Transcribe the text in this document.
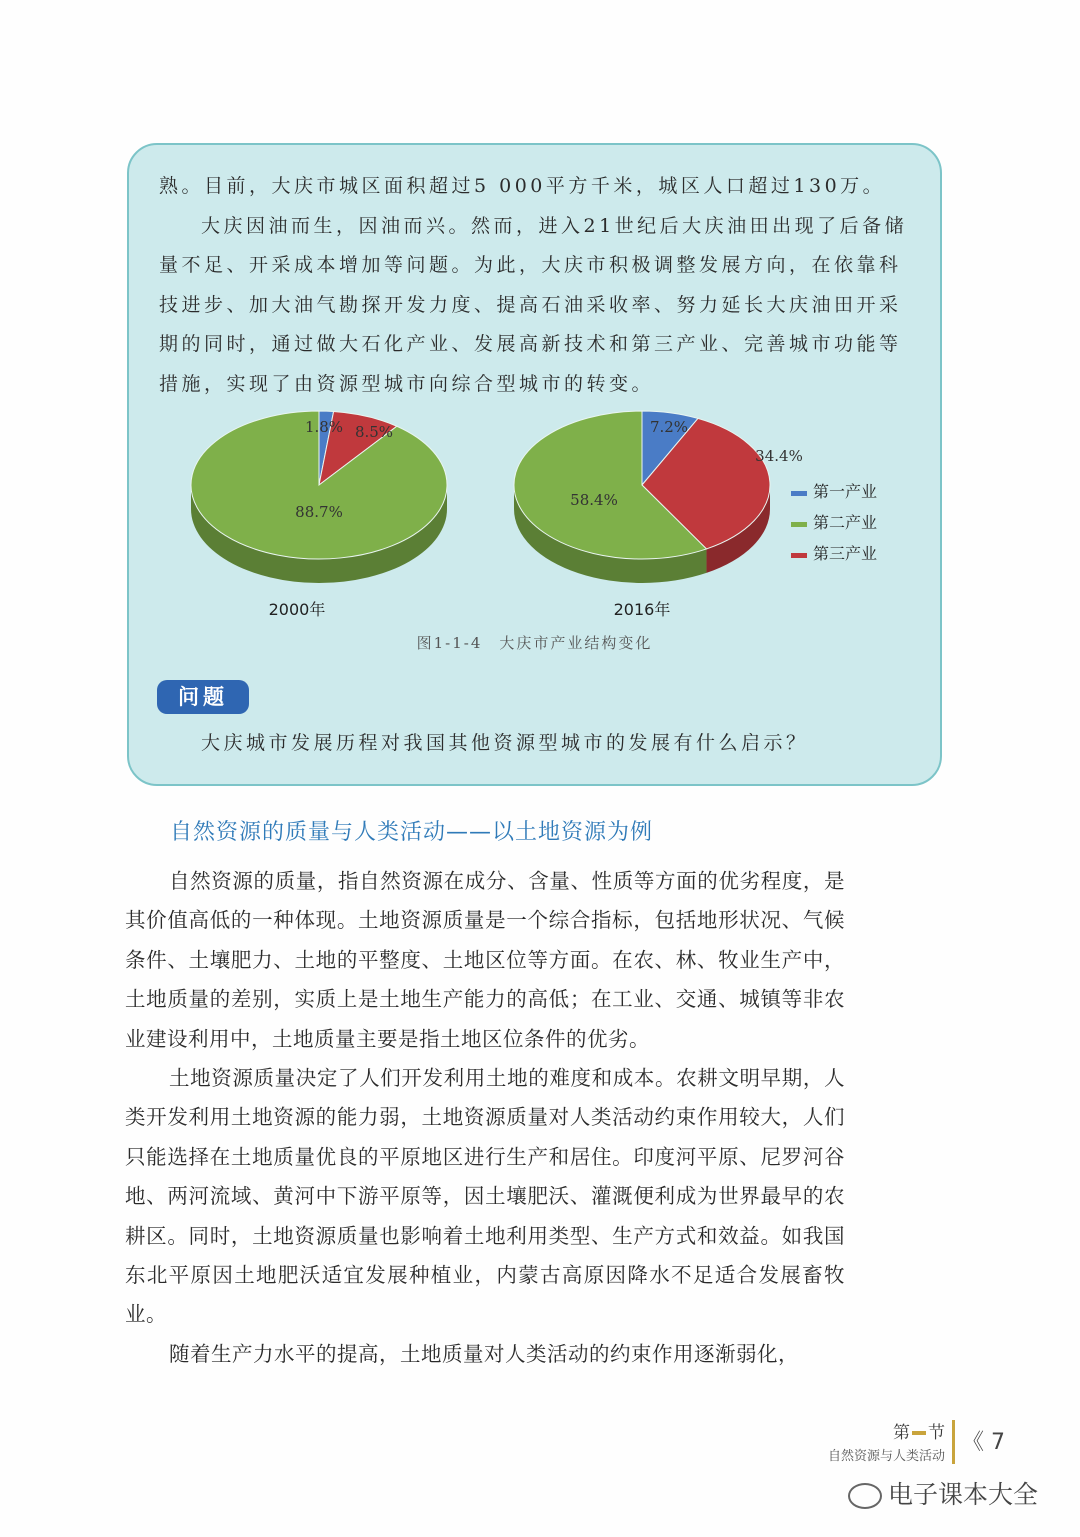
熟。目前，大庆市城区面积超过5 000平方千米，城区人口超过130万。

大庆因油而生，因油而兴。然而，进入21世纪后大庆油田出现了后备储量不足、开采成本增加等问题。为此，大庆市积极调整发展方向，在依靠科技进步、加大油气勘探开发力度、提高石油采收率、努力延长大庆油田开采期的同时，通过做大石化产业、发展高新技术和第三产业、完善城市功能等措施，实现了由资源型城市向综合型城市的转变。

1.8%
88.7%
8.5%	7.2%
58.4%
34.4%
2000年	2016年
第一产业
第二产业
第三产业
图1-1-4　大庆市产业结构变化
问题
大庆城市发展历程对我国其他资源型城市的发展有什么启示？
自然资源的质量与人类活动——以土地资源为例

自然资源的质量，指自然资源在成分、含量、性质等方面的优劣程度，是其价值高低的一种体现。土地资源质量是一个综合指标，包括地形状况、气候条件、土壤肥力、土地的平整度、土地区位等方面。在农、林、牧业生产中，土地质量的差别，实质上是土地生产能力的高低；在工业、交通、城镇等非农业建设利用中，土地质量主要是指土地区位条件的优劣。

土地资源质量决定了人们开发利用土地的难度和成本。农耕文明早期，人类开发利用土地资源的能力弱，土地资源质量对人类活动约束作用较大，人们只能选择在土地质量优良的平原地区进行生产和居住。印度河平原、尼罗河谷地、两河流域、黄河中下游平原等，因土壤肥沃、灌溉便利成为世界最早的农耕区。同时，土地资源质量也影响着土地利用类型、生产方式和效益。如我国东北平原因土地肥沃适宜发展种植业，内蒙古高原因降水不足适合发展畜牧业。

随着生产力水平的提高，土地质量对人类活动的约束作用逐渐弱化，

第 节
自然资源与人类活动
《 7
电子课本大全
